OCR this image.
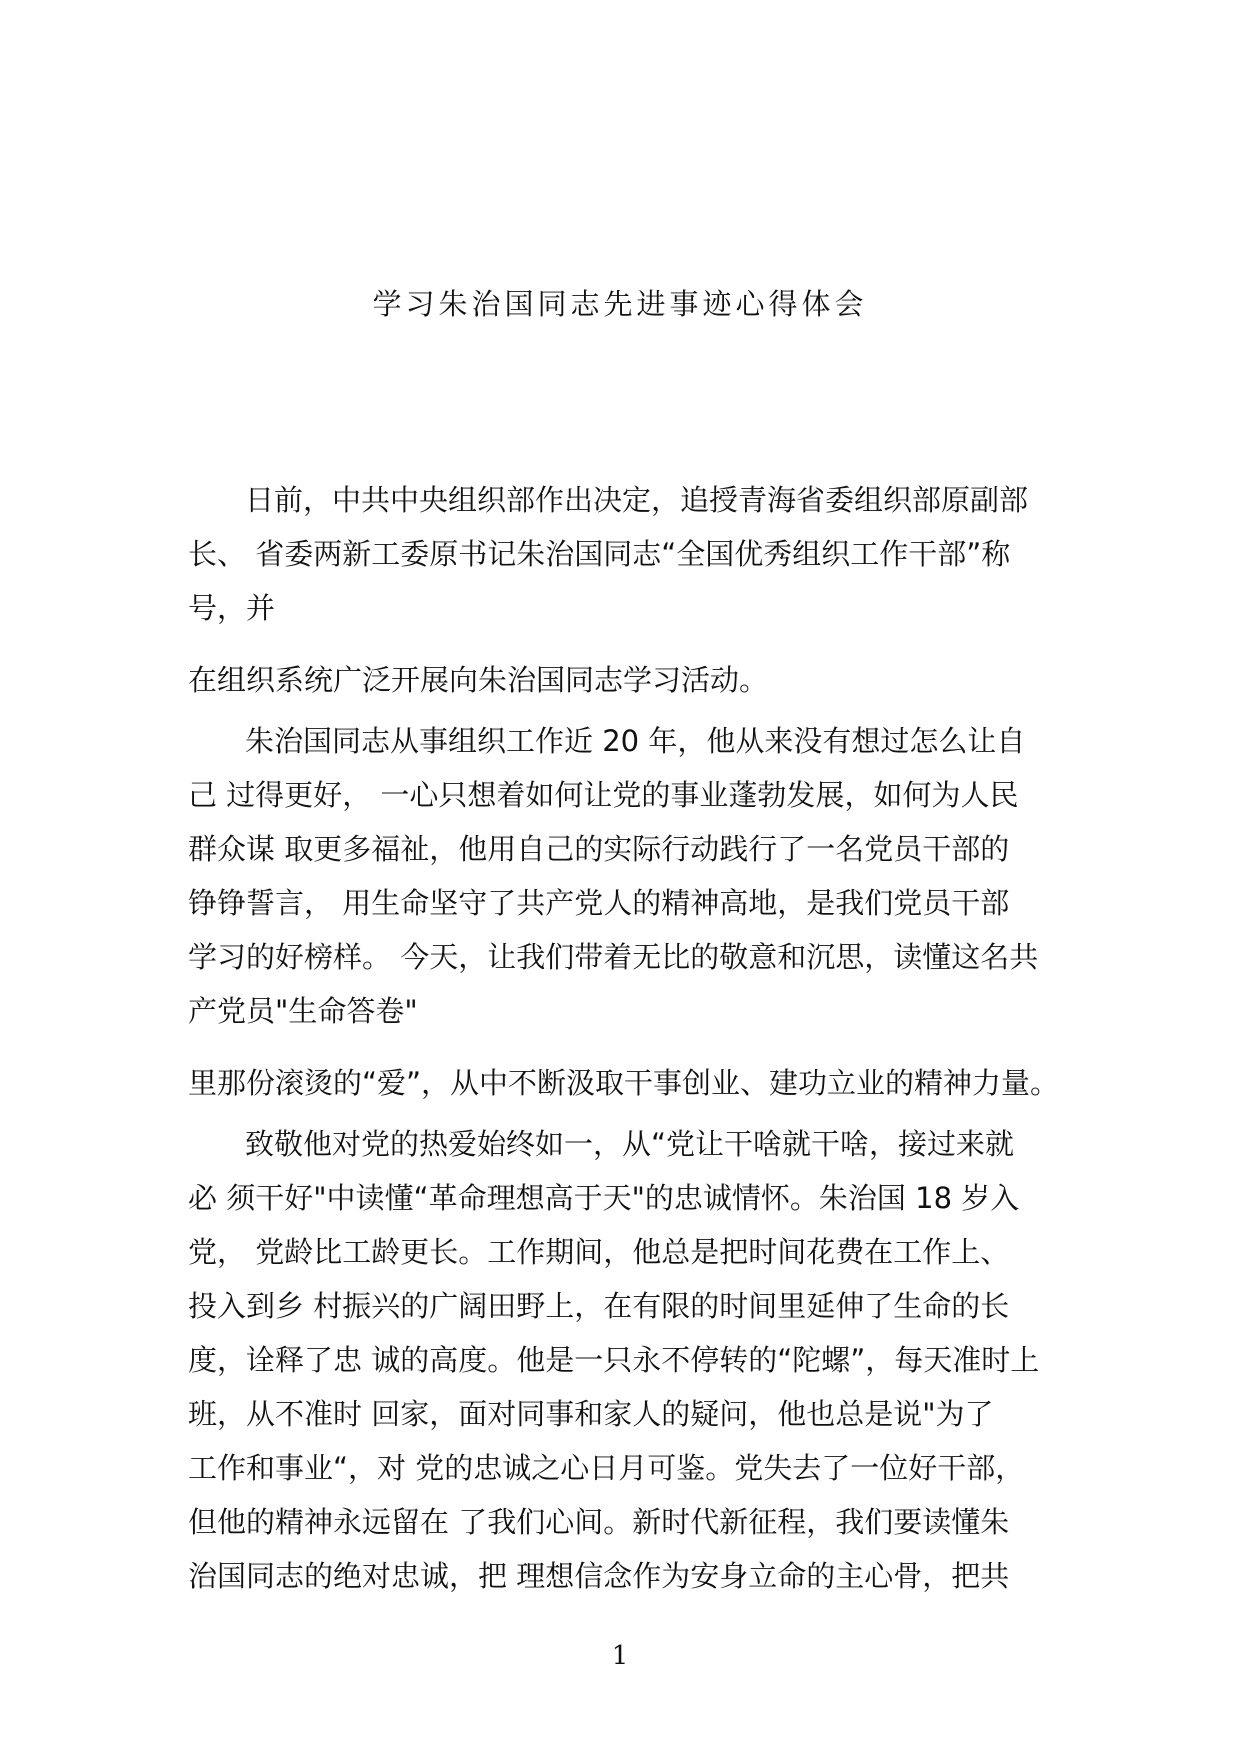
学习朱治国同志先进事迹心得体会
日前，中共中央组织部作出决定，追授青海省委组织部原副部
长、 省委两新工委原书记朱治国同志“全国优秀组织工作干部”称
号，并
在组织系统广泛开展向朱治国同志学习活动。
朱治国同志从事组织工作近 20 年，他从来没有想过怎么让自
己 过得更好， 一心只想着如何让党的事业蓬勃发展，如何为人民
群众谋 取更多福祉，他用自己的实际行动践行了一名党员干部的
铮铮誓言， 用生命坚守了共产党人的精神高地，是我们党员干部
学习的好榜样。 今天，让我们带着无比的敬意和沉思，读懂这名共
产党员"生命答卷"
里那份滚烫的“爱”，从中不断汲取干事创业、建功立业的精神力量。
致敬他对党的热爱始终如一，从“党让干啥就干啥，接过来就
必 须干好"中读懂“革命理想高于天"的忠诚情怀。朱治国 18 岁入
党， 党龄比工龄更长。工作期间，他总是把时间花费在工作上、
投入到乡 村振兴的广阔田野上，在有限的时间里延伸了生命的长
度，诠释了忠 诚的高度。他是一只永不停转的“陀螺”，每天准时上
班，从不准时 回家，面对同事和家人的疑问，他也总是说"为了
工作和事业“，对 党的忠诚之心日月可鉴。党失去了一位好干部，
但他的精神永远留在 了我们心间。新时代新征程，我们要读懂朱
治国同志的绝对忠诚，把 理想信念作为安身立命的主心骨，把共
1
